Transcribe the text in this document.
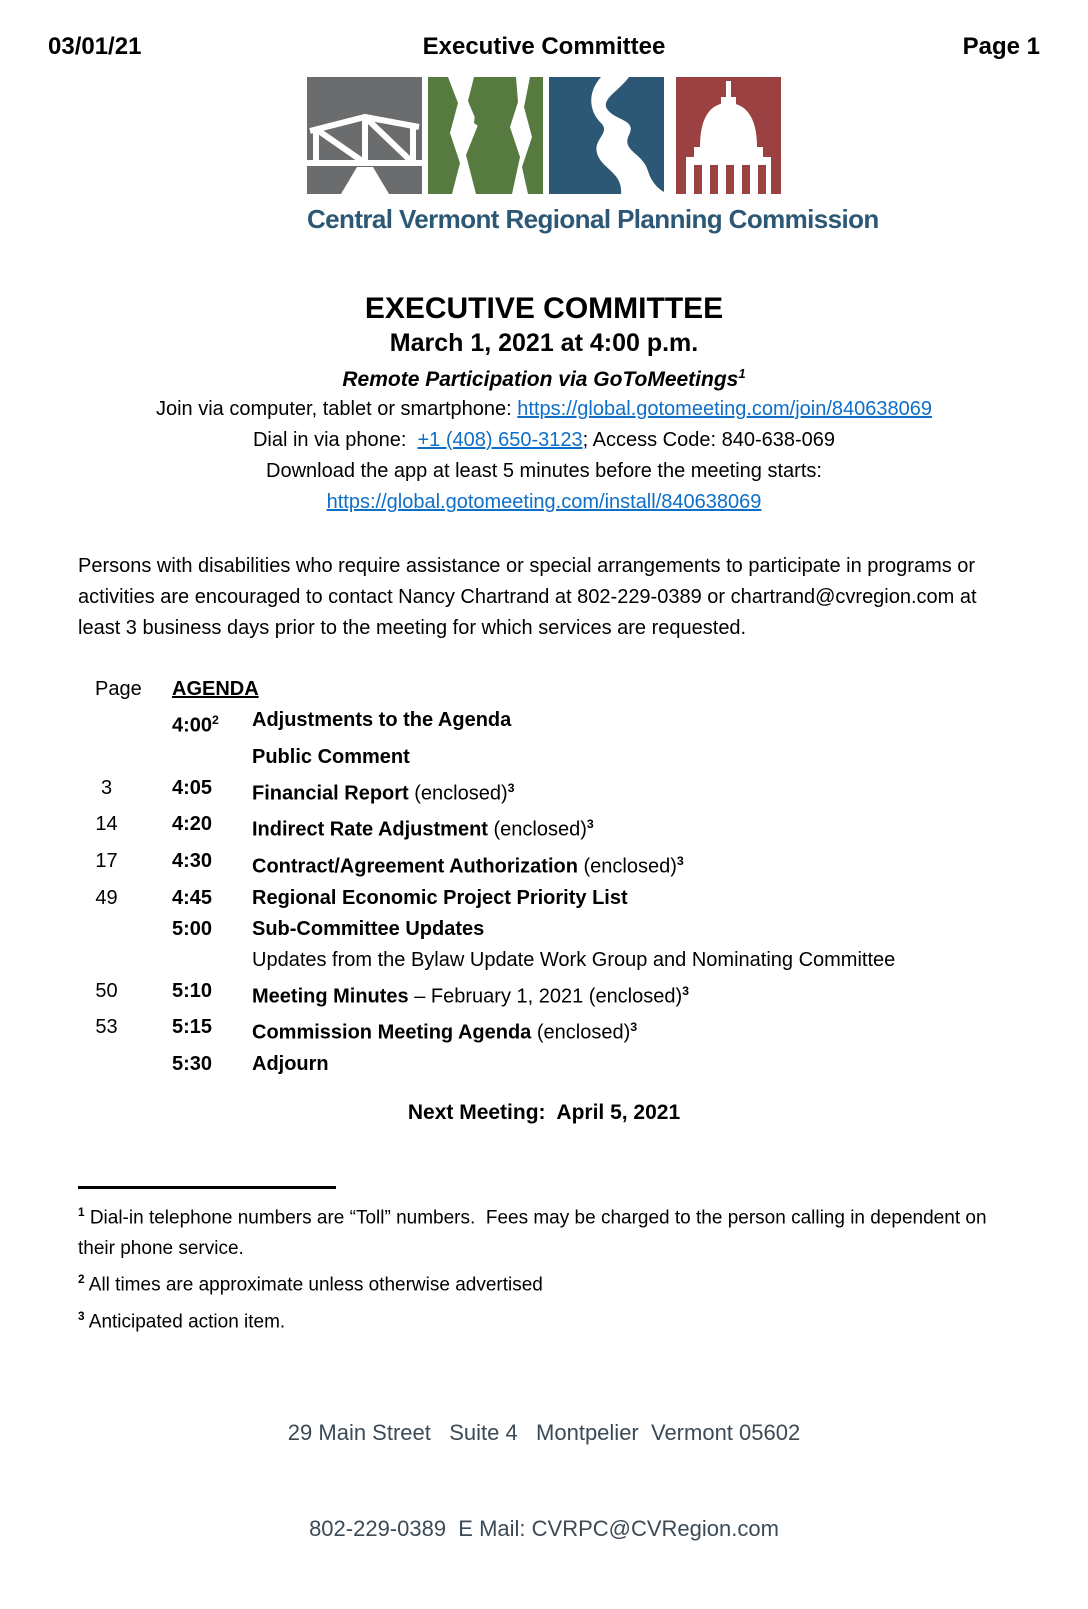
03/01/21	Executive Committee	Page 1
Central Vermont Regional Planning Commission
EXECUTIVE COMMITTEE
March 1, 2021 at 4:00 p.m.
Remote Participation via GoToMeetings$^1$
Join via computer, tablet or smartphone: https://global.gotomeeting.com/join/840638069
Dial in via phone:  +1 (408) 650-3123; Access Code: 840-638-069
Download the app at least 5 minutes before the meeting starts:
https://global.gotomeeting.com/install/840638069
Persons with disabilities who require assistance or special arrangements to participate in programs or activities are encouraged to contact Nancy Chartrand at 802-229-0389 or chartrand@cvregion.com at least 3 business days prior to the meeting for which services are requested.
Page	AGENDA
$4:00^2$	Adjustments to the Agenda
Public Comment
3	4:05	Financial Report (enclosed)$^3$
14	4:20	Indirect Rate Adjustment (enclosed)$^3$
17	4:30	Contract/Agreement Authorization (enclosed)$^3$
49	4:45	Regional Economic Project Priority List
5:00	Sub-Committee Updates
Updates from the Bylaw Update Work Group and Nominating Committee
50	5:10	Meeting Minutes – February 1, 2021 (enclosed)$^3$
53	5:15	Commission Meeting Agenda (enclosed)$^3$
5:30	Adjourn
Next Meeting:  April 5, 2021
$^1$ Dial-in telephone numbers are “Toll” numbers.  Fees may be charged to the person calling in dependent on their phone service.
$^2$ All times are approximate unless otherwise advertised
$^3$ Anticipated action item.

29 Main Street   Suite 4   Montpelier  Vermont 05602

802-229-0389  E Mail: CVRPC@CVRegion.com
